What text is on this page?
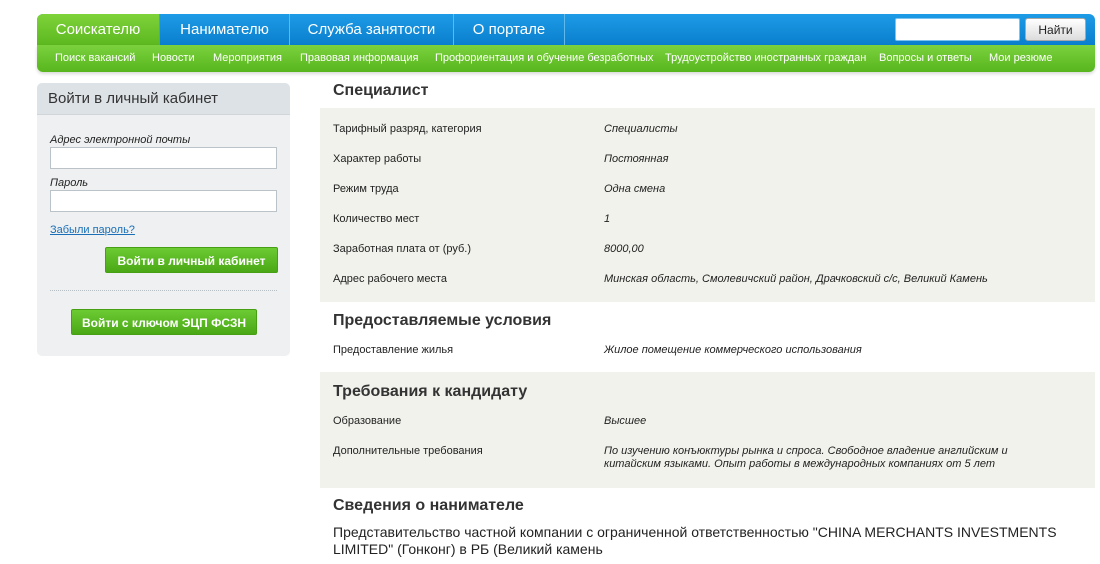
Соискателю	Нанимателю	Служба занятости	О портале	Найти
Поиск вакансий Новости Мероприятия Правовая информация Профориентация и обучение безработных Трудоустройство иностранных граждан Вопросы и ответы Мои резюме
Войти в личный кабинет
Адрес электронной почты
Пароль
Забыли пароль?
Войти в личный кабинет
Войти с ключом ЭЦП ФСЗН
Специалист
Тарифный разряд, категория	Специалисты
Характер работы	Постоянная
Режим труда	Одна смена
Количество мест	1
Заработная плата от (руб.)	8000,00
Адрес рабочего места	Минская область, Смолевичский район, Драчковский с/с, Великий Камень
Предоставляемые условия
Предоставление жилья	Жилое помещение коммерческого использования
Требования к кандидату
Образование	Высшее
Дополнительные требования	По изучению конъюктуры рынка и спроса. Свободное владение английским и китайским языками. Опыт работы в международных компаниях от 5 лет
Сведения о нанимателе
Представительство частной компании с ограниченной ответственностью "CHINA MERCHANTS INVESTMENTS LIMITED" (Гонконг) в РБ (Великий камень
